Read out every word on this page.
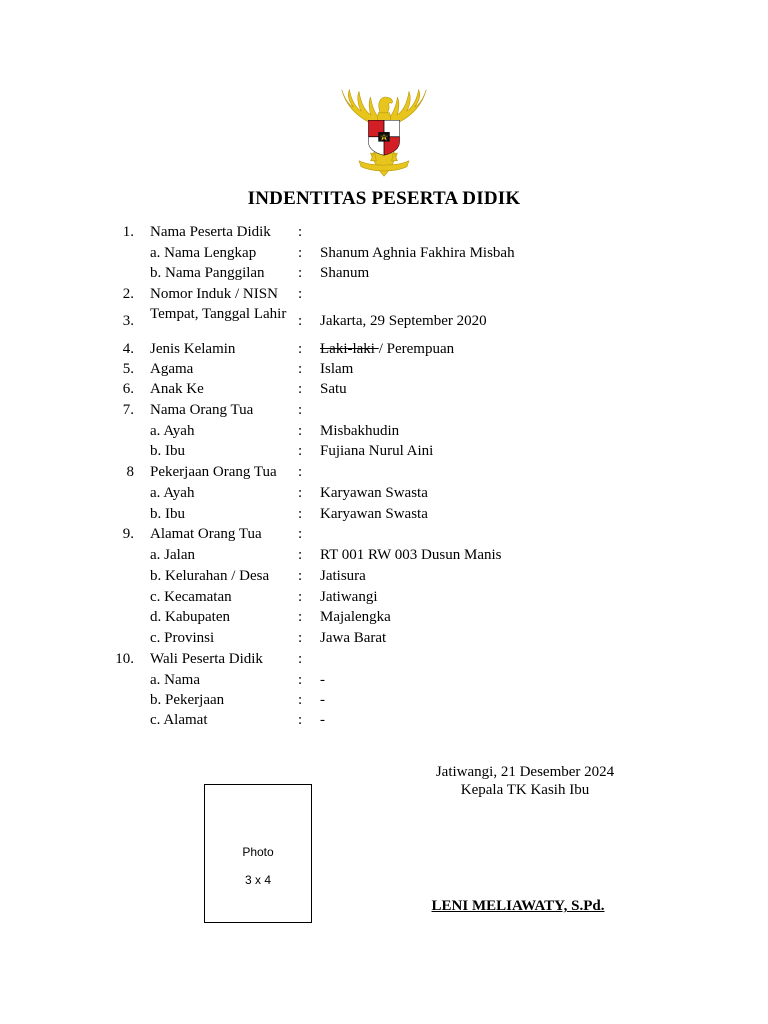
INDENTITAS PESERTA DIDIK
1. Nama Peserta Didik	:
a. Nama Lengkap	: Shanum Aghnia Fakhira Misbah
b. Nama Panggilan	: Shanum
2. Nomor Induk / NISN	:
3. Tempat, Tanggal Lahir : Jakarta, 29 September 2020
4. Jenis Kelamin	: Laki-laki / Perempuan
5. Agama	: Islam
6. Anak Ke	: Satu
7. Nama Orang Tua	:
a. Ayah	: Misbakhudin
b. Ibu	: Fujiana Nurul Aini
8 Pekerjaan Orang Tua	:
a. Ayah	: Karyawan Swasta
b. Ibu	: Karyawan Swasta
9. Alamat Orang Tua	:
a. Jalan	: RT 001 RW 003 Dusun Manis
b. Kelurahan / Desa	: Jatisura
c. Kecamatan	: Jatiwangi
d. Kabupaten	: Majalengka
c. Provinsi	: Jawa Barat
10. Wali Peserta Didik	:
a. Nama	: -
b. Pekerjaan	: -
c. Alamat	: -
Jatiwangi, 21 Desember 2024
Kepala TK Kasih Ibu
LENI MELIAWATY, S.Pd.
Photo
3 x 4
